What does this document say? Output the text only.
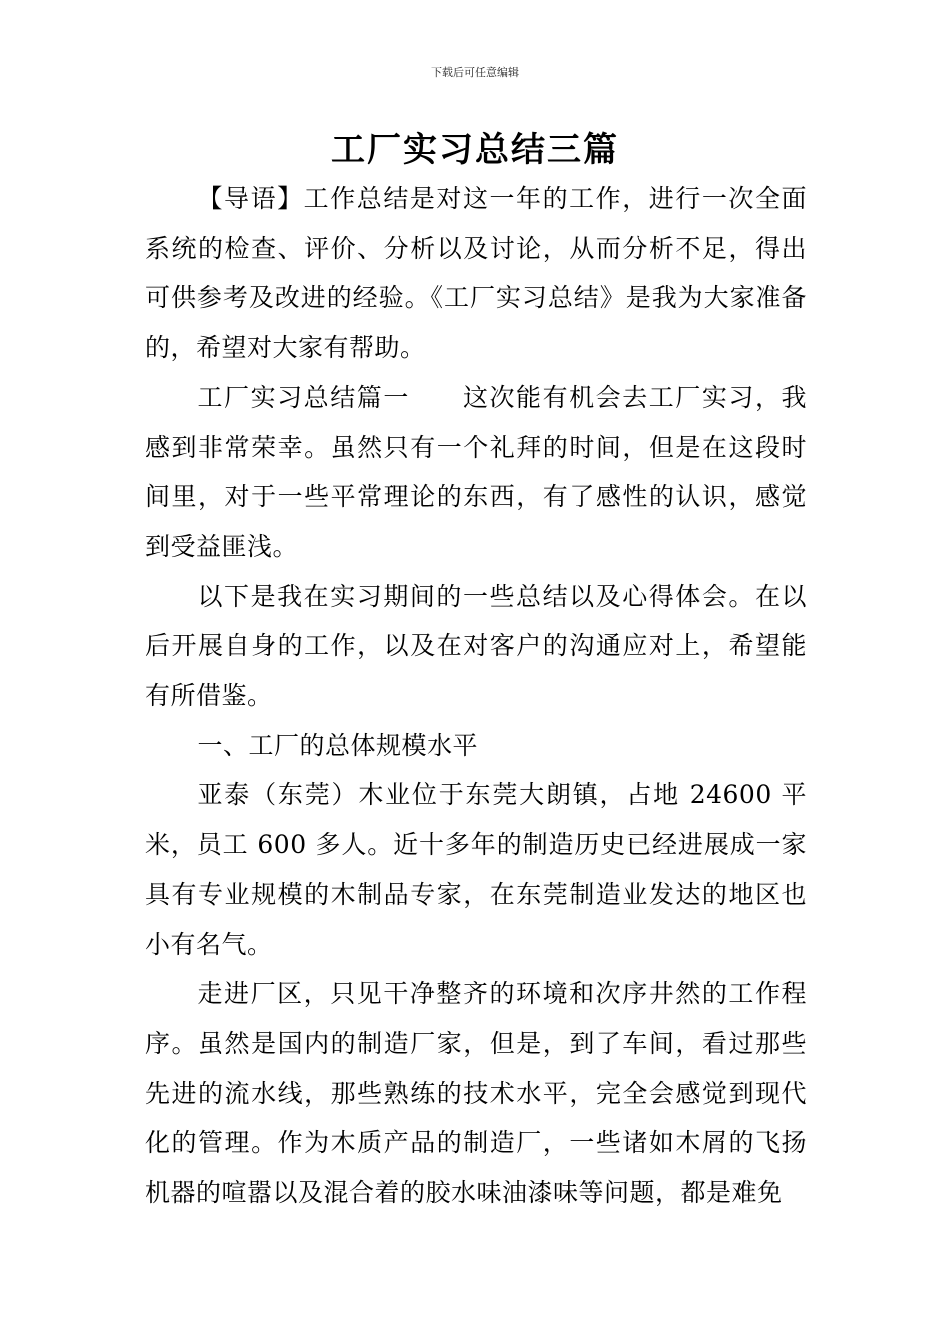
下载后可任意编辑
工厂实习总结三篇

【导语】工作总结是对这一年的工作，进行一次全面系统的检查、评价、分析以及讨论，从而分析不足，得出可供参考及改进的经验。《工厂实习总结》是我为大家准备的，希望对大家有帮助。

工厂实习总结篇一　　这次能有机会去工厂实习，我感到非常荣幸。虽然只有一个礼拜的时间，但是在这段时间里，对于一些平常理论的东西，有了感性的认识，感觉到受益匪浅。

以下是我在实习期间的一些总结以及心得体会。在以后开展自身的工作，以及在对客户的沟通应对上，希望能有所借鉴。

一、工厂的总体规模水平

亚泰（东莞）木业位于东莞大朗镇，占地 24600 平米，员工 600 多人。近十多年的制造历史已经进展成一家具有专业规模的木制品专家，在东莞制造业发达的地区也小有名气。

走进厂区，只见干净整齐的环境和次序井然的工作程序。虽然是国内的制造厂家，但是，到了车间，看过那些先进的流水线，那些熟练的技术水平，完全会感觉到现代化的管理。作为木质产品的制造厂，一些诸如木屑的飞扬机器的喧嚣以及混合着的胶水味油漆味等问题，都是难免
